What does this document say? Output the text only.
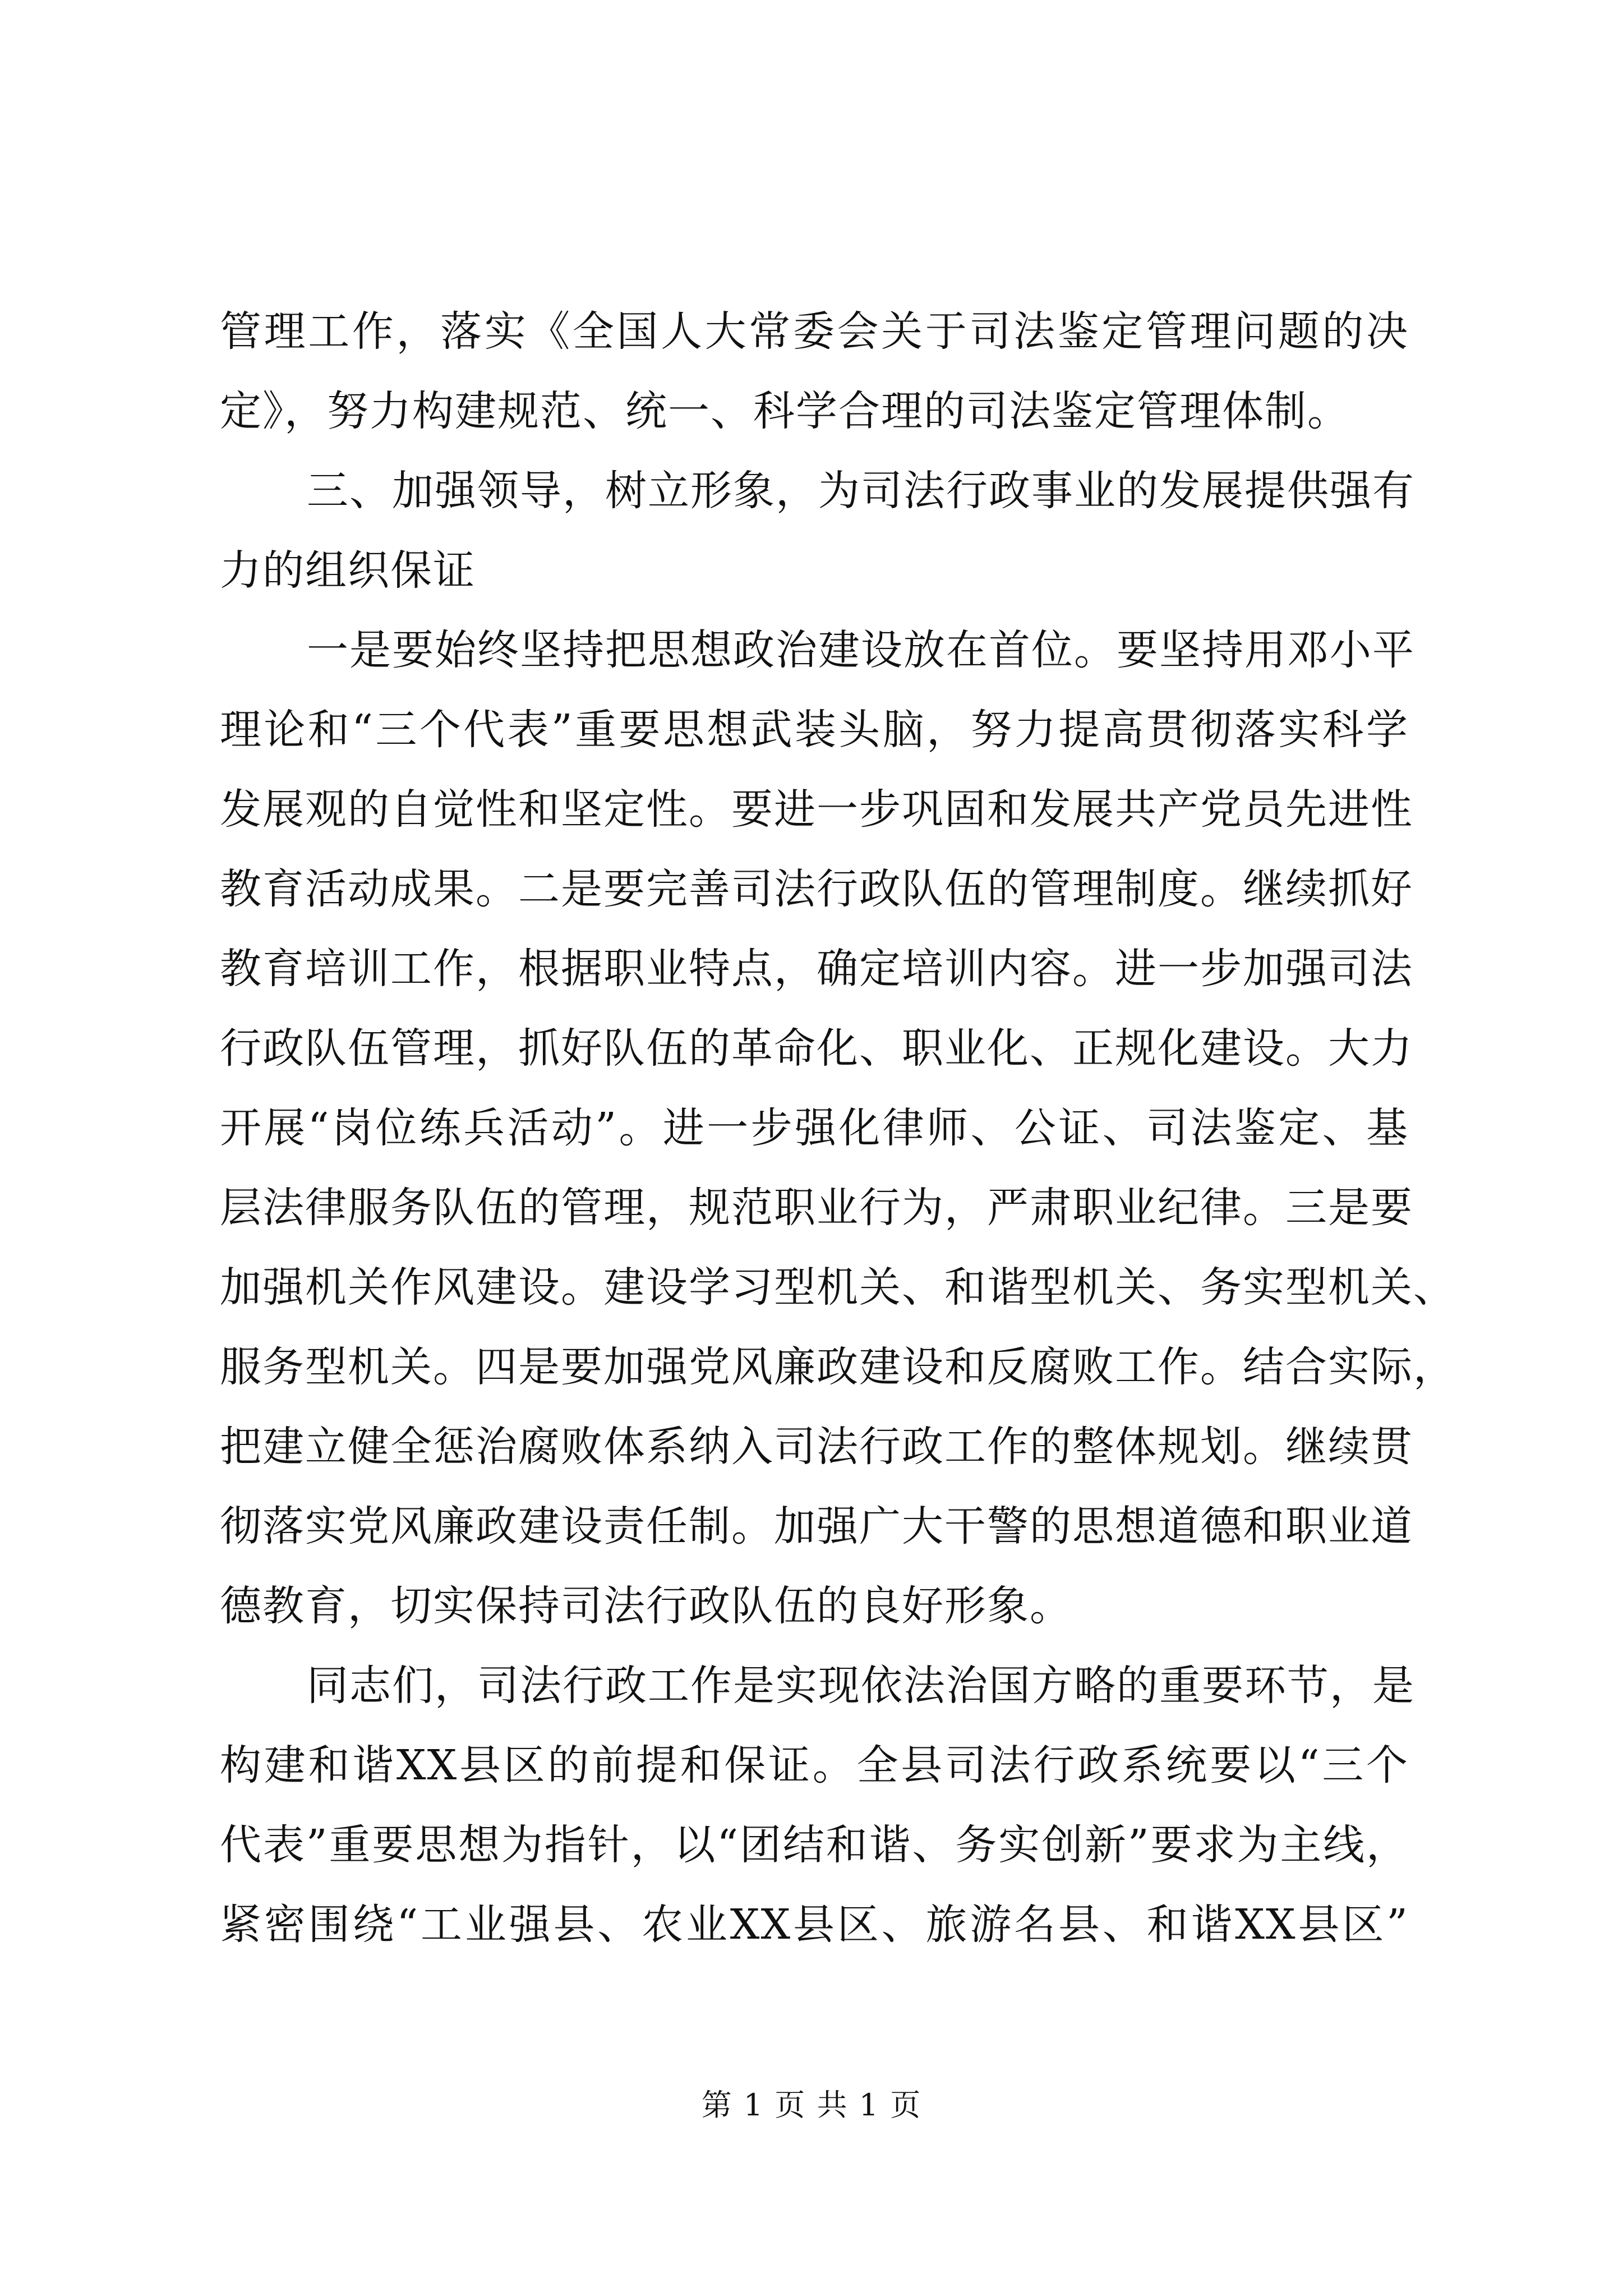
管理工作，落实《全国人大常委会关于司法鉴定管理问题的决
定》，努力构建规范、统一、科学合理的司法鉴定管理体制。
三、加强领导，树立形象，为司法行政事业的发展提供强有
力的组织保证
一是要始终坚持把思想政治建设放在首位。要坚持用邓小平
理论和“三个代表”重要思想武装头脑，努力提高贯彻落实科学
发展观的自觉性和坚定性。要进一步巩固和发展共产党员先进性
教育活动成果。二是要完善司法行政队伍的管理制度。继续抓好
教育培训工作，根据职业特点，确定培训内容。进一步加强司法
行政队伍管理，抓好队伍的革命化、职业化、正规化建设。大力
开展“岗位练兵活动”。进一步强化律师、公证、司法鉴定、基
层法律服务队伍的管理，规范职业行为，严肃职业纪律。三是要
加强机关作风建设。建设学习型机关、和谐型机关、务实型机关、
服务型机关。四是要加强党风廉政建设和反腐败工作。结合实际，
把建立健全惩治腐败体系纳入司法行政工作的整体规划。继续贯
彻落实党风廉政建设责任制。加强广大干警的思想道德和职业道
德教育，切实保持司法行政队伍的良好形象。
同志们，司法行政工作是实现依法治国方略的重要环节，是
构建和谐XX县区的前提和保证。全县司法行政系统要以“三个
代表”重要思想为指针，以“团结和谐、务实创新”要求为主线，
紧密围绕“工业强县、农业XX县区、旅游名县、和谐XX县区”
第 1 页 共 1 页
